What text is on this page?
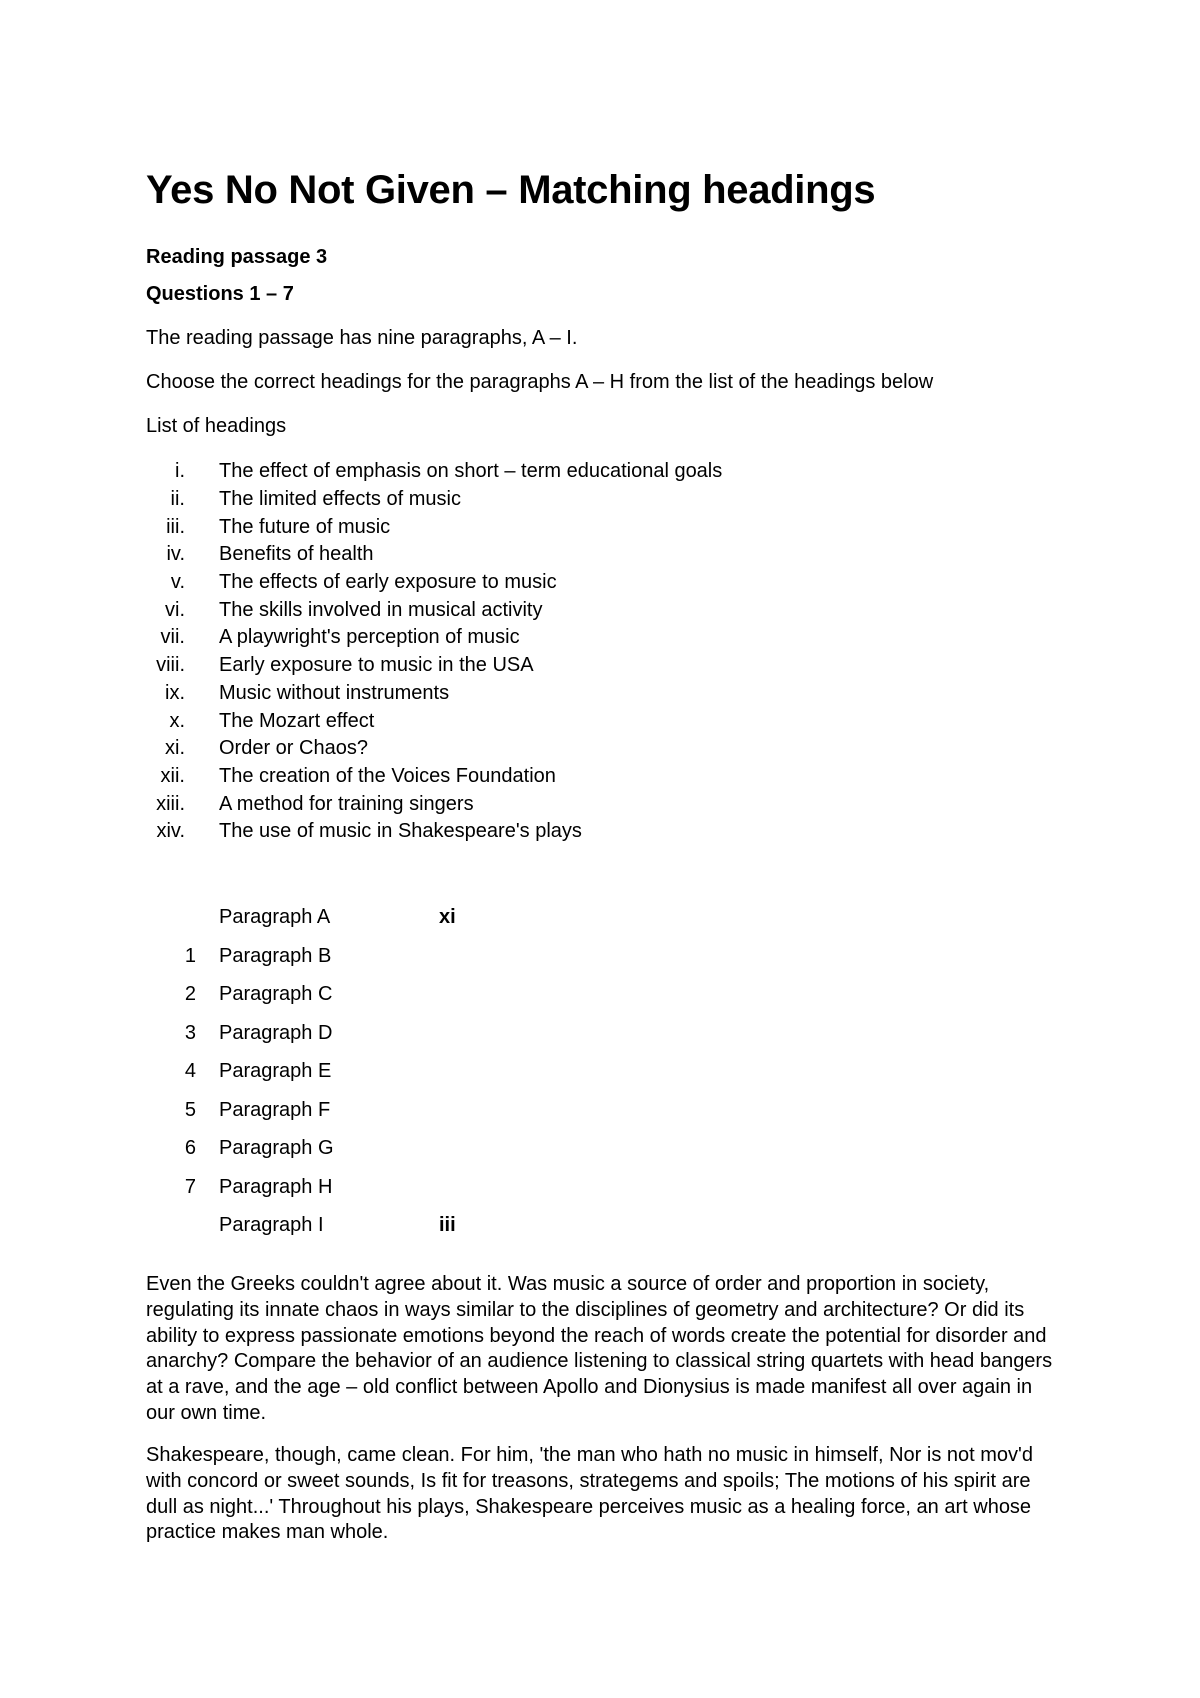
Yes No Not Given – Matching headings

Reading passage 3

Questions 1 – 7

The reading passage has nine paragraphs, A – I.

Choose the correct headings for the paragraphs A – H from the list of the headings below

List of headings

i. The effect of emphasis on short – term educational goals
ii. The limited effects of music
iii. The future of music
iv. Benefits of health
v. The effects of early exposure to music
vi. The skills involved in musical activity
vii. A playwright's perception of music
viii. Early exposure to music in the USA
ix. Music without instruments
x. The Mozart effect
xi. Order or Chaos?
xii. The creation of the Voices Foundation
xiii. A method for training singers
xiv. The use of music in Shakespeare's plays
Paragraph A	xi
1 Paragraph B
2 Paragraph C
3 Paragraph D
4 Paragraph E
5 Paragraph F
6 Paragraph G
7 Paragraph H
Paragraph I	iii

Even the Greeks couldn't agree about it. Was music a source of order and proportion in society, regulating its innate chaos in ways similar to the disciplines of geometry and architecture? Or did its ability to express passionate emotions beyond the reach of words create the potential for disorder and anarchy? Compare the behavior of an audience listening to classical string quartets with head bangers at a rave, and the age – old conflict between Apollo and Dionysius is made manifest all over again in our own time.

Shakespeare, though, came clean. For him, 'the man who hath no music in himself, Nor is not mov'd with concord or sweet sounds, Is fit for treasons, strategems and spoils; The motions of his spirit are dull as night...' Throughout his plays, Shakespeare perceives music as a healing force, an art whose practice makes man whole.
